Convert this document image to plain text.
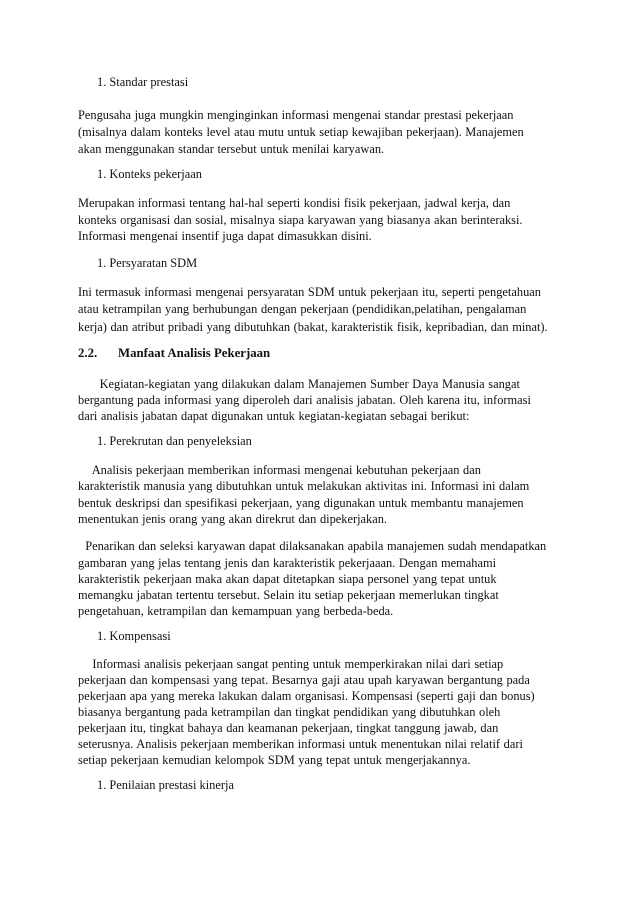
1. Standar prestasi
Pengusaha juga mungkin menginginkan informasi mengenai standar prestasi pekerjaan
(misalnya dalam konteks level atau mutu untuk setiap kewajiban pekerjaan). Manajemen
akan menggunakan standar tersebut untuk menilai karyawan.
1. Konteks pekerjaan
Merupakan informasi tentang hal-hal seperti kondisi fisik pekerjaan, jadwal kerja, dan
konteks organisasi dan sosial, misalnya siapa karyawan yang biasanya akan berinteraksi.
Informasi mengenai insentif juga dapat dimasukkan disini.
1. Persyaratan SDM
Ini termasuk informasi mengenai persyaratan SDM untuk pekerjaan itu, seperti pengetahuan
atau ketrampilan yang berhubungan dengan pekerjaan (pendidikan,pelatihan, pengalaman
kerja) dan atribut pribadi yang dibutuhkan (bakat, karakteristik fisik, kepribadian, dan minat).
2.2. Manfaat Analisis Pekerjaan
Kegiatan-kegiatan yang dilakukan dalam Manajemen Sumber Daya Manusia sangat
bergantung pada informasi yang diperoleh dari analisis jabatan. Oleh karena itu, informasi
dari analisis jabatan dapat digunakan untuk kegiatan-kegiatan sebagai berikut:
1. Perekrutan dan penyeleksian
Analisis pekerjaan memberikan informasi mengenai kebutuhan pekerjaan dan
karakteristik manusia yang dibutuhkan untuk melakukan aktivitas ini. Informasi ini dalam
bentuk deskripsi dan spesifikasi pekerjaan, yang digunakan untuk membantu manajemen
menentukan jenis orang yang akan direkrut dan dipekerjakan.
Penarikan dan seleksi karyawan dapat dilaksanakan apabila manajemen sudah mendapatkan
gambaran yang jelas tentang jenis dan karakteristik pekerjaaan. Dengan memahami
karakteristik pekerjaan maka akan dapat ditetapkan siapa personel yang tepat untuk
memangku jabatan tertentu tersebut. Selain itu setiap pekerjaan memerlukan tingkat
pengetahuan, ketrampilan dan kemampuan yang berbeda-beda.
1. Kompensasi
Informasi analisis pekerjaan sangat penting untuk memperkirakan nilai dari setiap
pekerjaan dan kompensasi yang tepat. Besarnya gaji atau upah karyawan bergantung pada
pekerjaan apa yang mereka lakukan dalam organisasi. Kompensasi (seperti gaji dan bonus)
biasanya bergantung pada ketrampilan dan tingkat pendidikan yang dibutuhkan oleh
pekerjaan itu, tingkat bahaya dan keamanan pekerjaan, tingkat tanggung jawab, dan
seterusnya. Analisis pekerjaan memberikan informasi untuk menentukan nilai relatif dari
setiap pekerjaan kemudian kelompok SDM yang tepat untuk mengerjakannya.
1. Penilaian prestasi kinerja
